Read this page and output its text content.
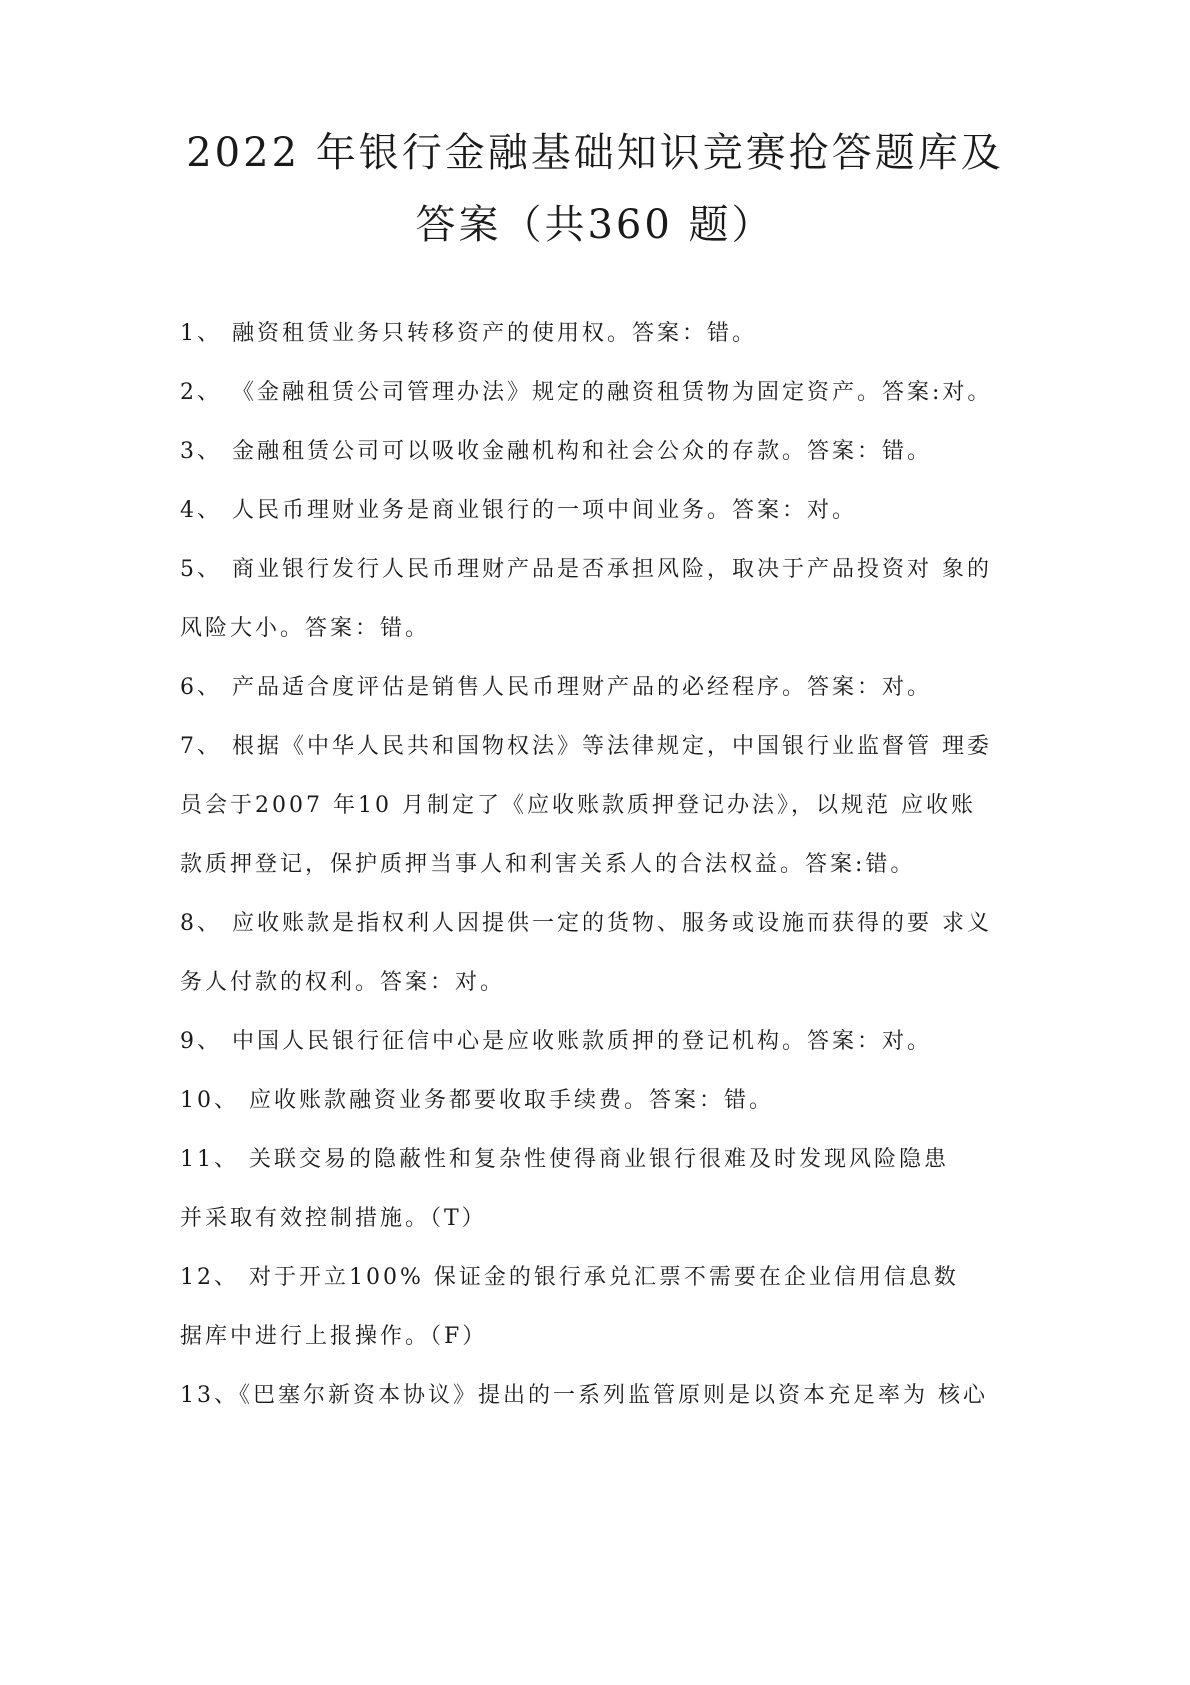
2022 年银行金融基础知识竞赛抢答题库及
答案（共360 题）
1、 融资租赁业务只转移资产的使用权。答案：错。
2、 《金融租赁公司管理办法》规定的融资租赁物为固定资产。答案:对。
3、 金融租赁公司可以吸收金融机构和社会公众的存款。答案：错。
4、 人民币理财业务是商业银行的一项中间业务。答案：对。
5、 商业银行发行人民币理财产品是否承担风险，取决于产品投资对 象的
风险大小。答案：错。
6、 产品适合度评估是销售人民币理财产品的必经程序。答案：对。
7、 根据《中华人民共和国物权法》等法律规定，中国银行业监督管 理委
员会于2007 年10 月制定了《应收账款质押登记办法》，以规范 应收账
款质押登记，保护质押当事人和利害关系人的合法权益。答案:错。
8、 应收账款是指权利人因提供一定的货物、服务或设施而获得的要 求义
务人付款的权利。答案：对。
9、 中国人民银行征信中心是应收账款质押的登记机构。答案：对。
10、 应收账款融资业务都要收取手续费。答案：错。
11、 关联交易的隐蔽性和复杂性使得商业银行很难及时发现风险隐患
并采取有效控制措施。（T）
12、 对于开立100% 保证金的银行承兑汇票不需要在企业信用信息数
据库中进行上报操作。（F）
13、《巴塞尔新资本协议》提出的一系列监管原则是以资本充足率为 核心
